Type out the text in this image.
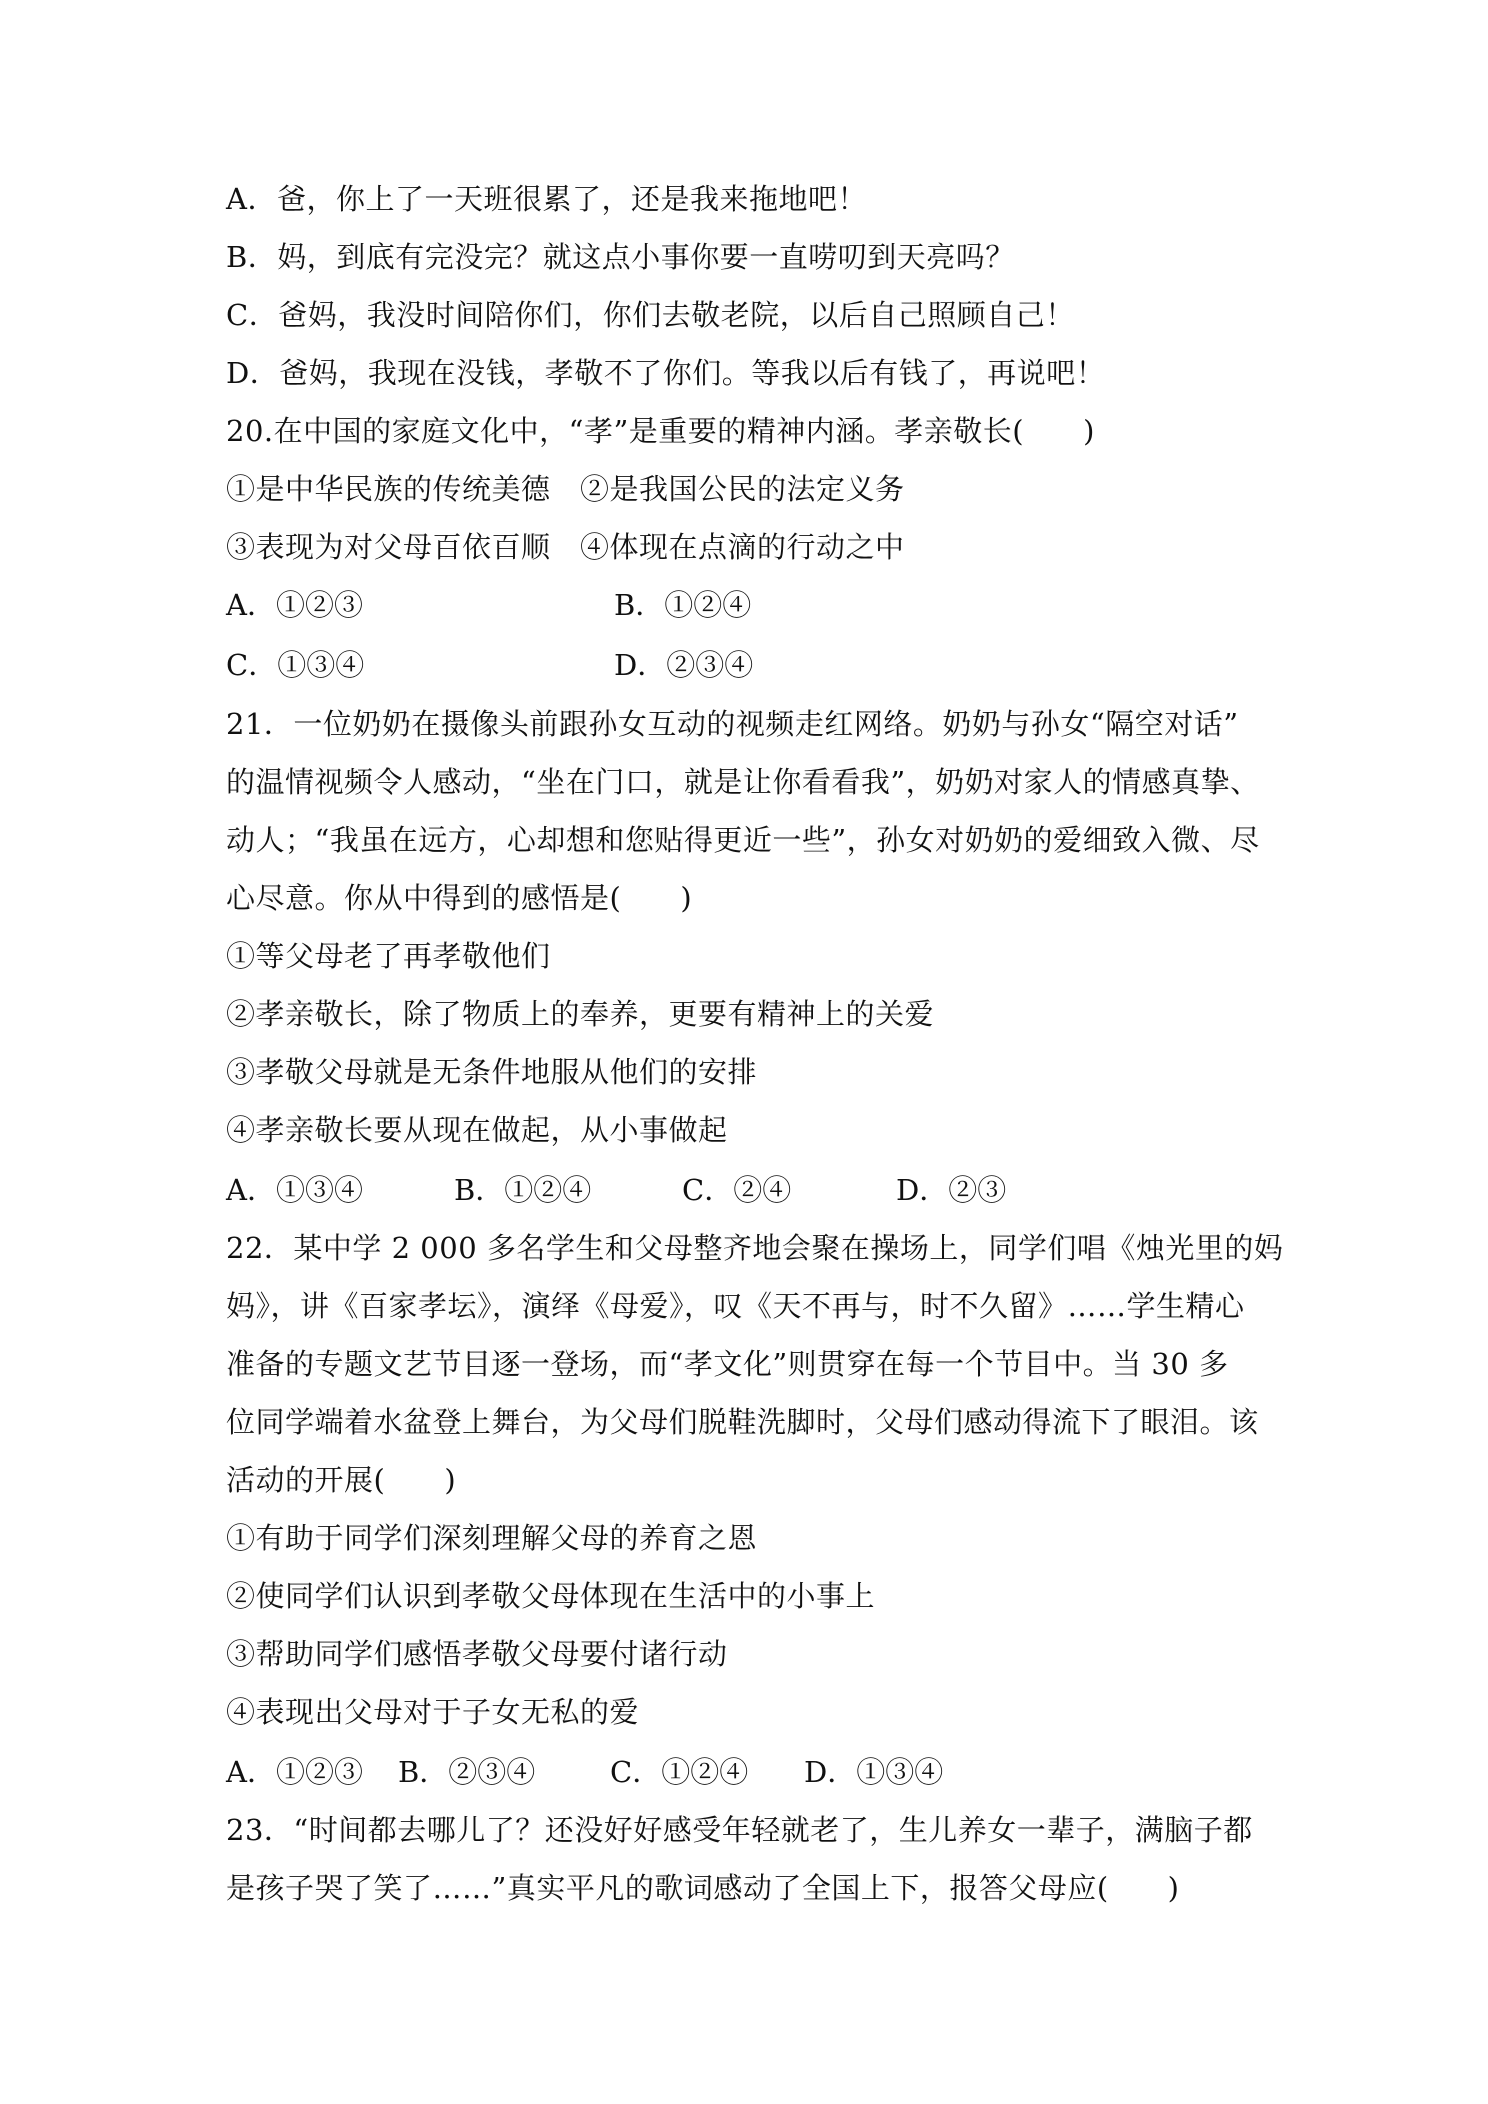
A．爸，你上了一天班很累了，还是我来拖地吧！
B．妈，到底有完没完？就这点小事你要一直唠叨到天亮吗？
C．爸妈，我没时间陪你们，你们去敬老院，以后自己照顾自己！
D．爸妈，我现在没钱，孝敬不了你们。等我以后有钱了，再说吧！
20.在中国的家庭文化中，“孝”是重要的精神内涵。孝亲敬长(　　)
①是中华民族的传统美德　②是我国公民的法定义务
③表现为对父母百依百顺　④体现在点滴的行动之中
A．①②③	B．①②④
C．①③④	D．②③④
21．一位奶奶在摄像头前跟孙女互动的视频走红网络。奶奶与孙女“隔空对话”
的温情视频令人感动，“坐在门口，就是让你看看我”，奶奶对家人的情感真挚、
动人；“我虽在远方，心却想和您贴得更近一些”，孙女对奶奶的爱细致入微、尽
心尽意。你从中得到的感悟是(　　)
①等父母老了再孝敬他们
②孝亲敬长，除了物质上的奉养，更要有精神上的关爱
③孝敬父母就是无条件地服从他们的安排
④孝亲敬长要从现在做起，从小事做起
A．①③④	B．①②④	C．②④	D．②③
22．某中学 2 000 多名学生和父母整齐地会聚在操场上，同学们唱《烛光里的妈
妈》，讲《百家孝坛》，演绎《母爱》，叹《天不再与，时不久留》……学生精心
准备的专题文艺节目逐一登场，而“孝文化”则贯穿在每一个节目中。当 30 多
位同学端着水盆登上舞台，为父母们脱鞋洗脚时，父母们感动得流下了眼泪。该
活动的开展(　　)
①有助于同学们深刻理解父母的养育之恩
②使同学们认识到孝敬父母体现在生活中的小事上
③帮助同学们感悟孝敬父母要付诸行动
④表现出父母对于子女无私的爱
A．①②③ B．②③④	C．①②④ D．①③④
23．“时间都去哪儿了？还没好好感受年轻就老了，生儿养女一辈子，满脑子都
是孩子哭了笑了……”真实平凡的歌词感动了全国上下，报答父母应(　　)
